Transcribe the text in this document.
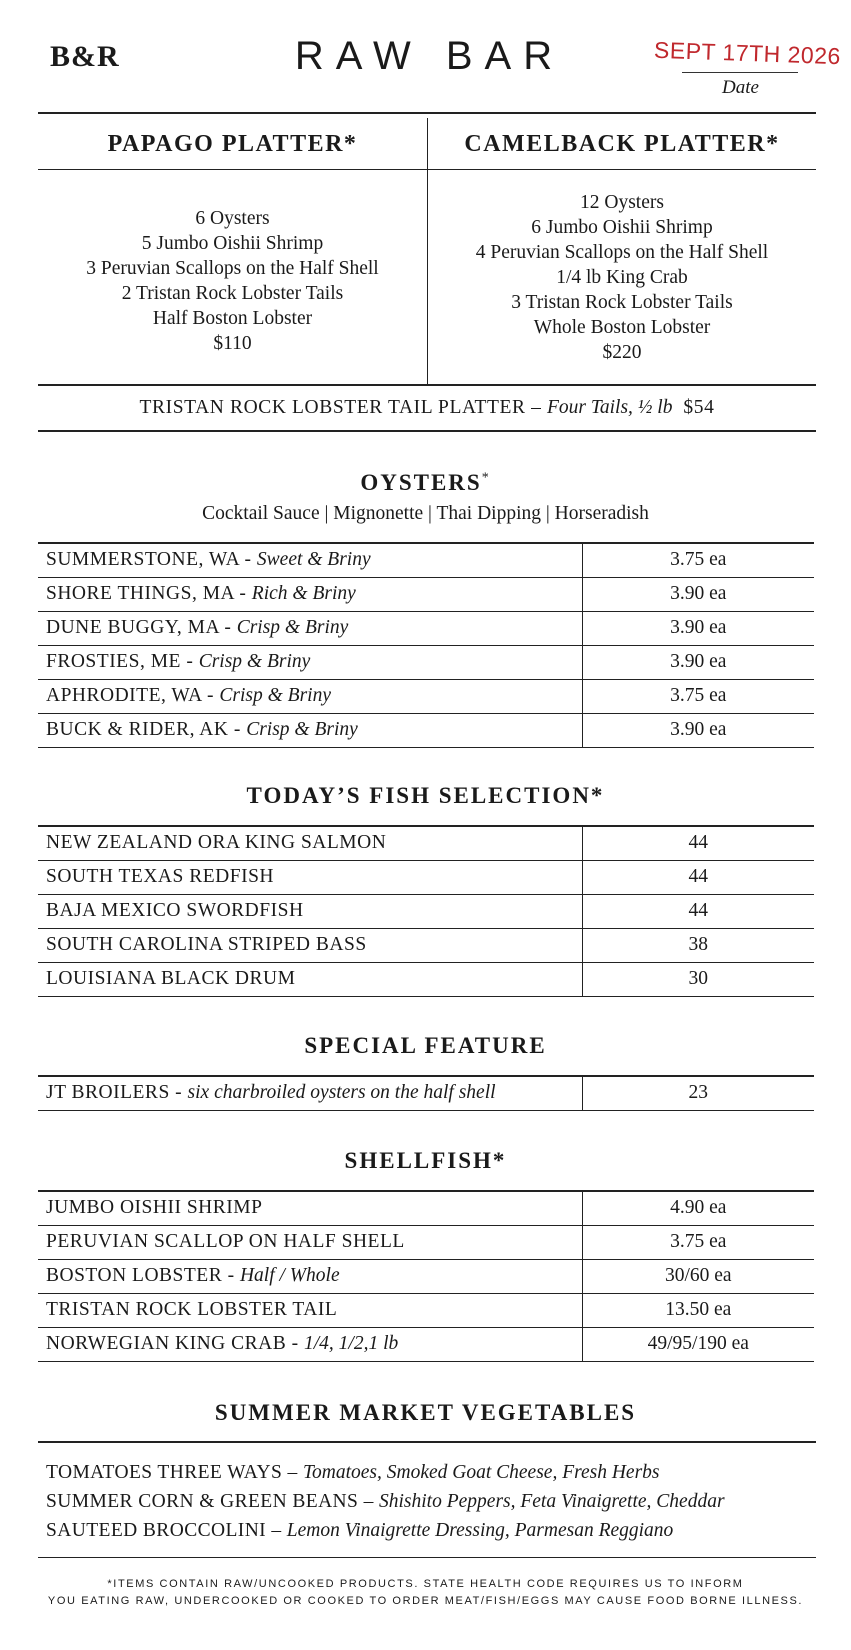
B&R	RAW BAR	SEPT 17TH 2026
Date
PAPAGO PLATTER*
6 Oysters
5 Jumbo Oishii Shrimp
3 Peruvian Scallops on the Half Shell
2 Tristan Rock Lobster Tails
Half Boston Lobster
$110
CAMELBACK PLATTER*
12 Oysters
6 Jumbo Oishii Shrimp
4 Peruvian Scallops on the Half Shell
1/4 lb King Crab
3 Tristan Rock Lobster Tails
Whole Boston Lobster
$220
TRISTAN ROCK LOBSTER TAIL PLATTER – Four Tails, ½ lb $54
OYSTERS*
Cocktail Sauce | Mignonette | Thai Dipping | Horseradish
SUMMERSTONE, WA - Sweet & Briny	3.75 ea
SHORE THINGS, MA - Rich & Briny	3.90 ea
DUNE BUGGY, MA - Crisp & Briny	3.90 ea
FROSTIES, ME - Crisp & Briny	3.90 ea
APHRODITE, WA - Crisp & Briny	3.75 ea
BUCK & RIDER, AK - Crisp & Briny	3.90 ea
TODAY’S FISH SELECTION*
NEW ZEALAND ORA KING SALMON	44
SOUTH TEXAS REDFISH	44
BAJA MEXICO SWORDFISH	44
SOUTH CAROLINA STRIPED BASS	38
LOUISIANA BLACK DRUM	30
SPECIAL FEATURE
JT BROILERS - six charbroiled oysters on the half shell	23
SHELLFISH*
JUMBO OISHII SHRIMP	4.90 ea
PERUVIAN SCALLOP ON HALF SHELL	3.75 ea
BOSTON LOBSTER - Half / Whole	30/60 ea
TRISTAN ROCK LOBSTER TAIL	13.50 ea
NORWEGIAN KING CRAB - 1/4, 1/2,1 lb	49/95/190 ea
SUMMER MARKET VEGETABLES
TOMATOES THREE WAYS – Tomatoes, Smoked Goat Cheese, Fresh Herbs
SUMMER CORN & GREEN BEANS – Shishito Peppers, Feta Vinaigrette, Cheddar
SAUTEED BROCCOLINI – Lemon Vinaigrette Dressing, Parmesan Reggiano
*ITEMS CONTAIN RAW/UNCOOKED PRODUCTS. STATE HEALTH CODE REQUIRES US TO INFORM
YOU EATING RAW, UNDERCOOKED OR COOKED TO ORDER MEAT/FISH/EGGS MAY CAUSE FOOD BORNE ILLNESS.
